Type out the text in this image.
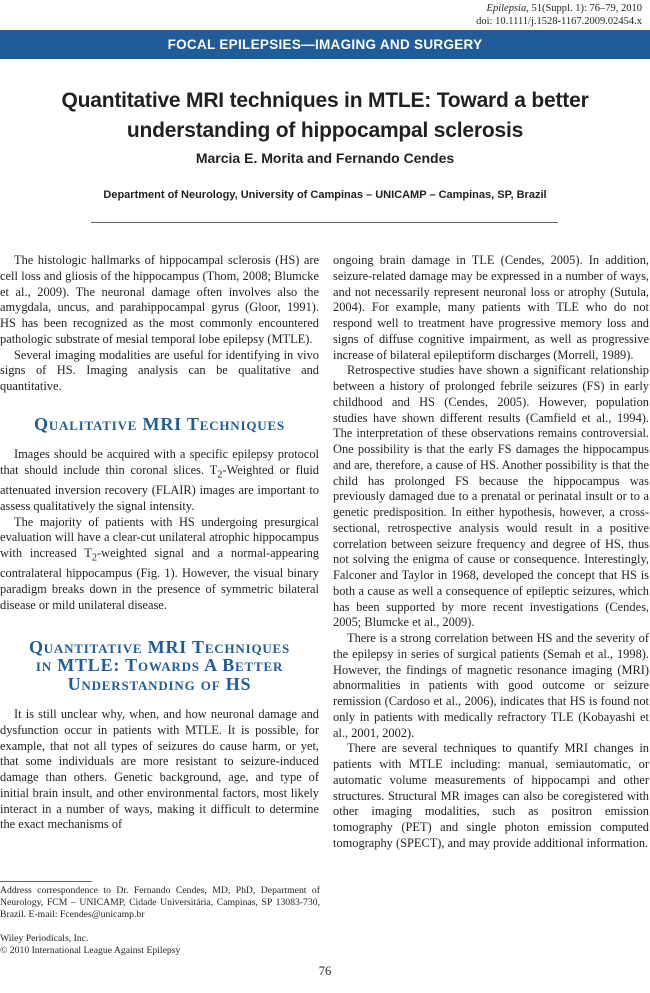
Epilepsia, 51(Suppl. 1): 76–79, 2010
doi: 10.1111/j.1528-1167.2009.02454.x
FOCAL EPILEPSIES—IMAGING AND SURGERY
Quantitative MRI techniques in MTLE: Toward a better
understanding of hippocampal sclerosis
Marcia E. Morita and Fernando Cendes
Department of Neurology, University of Campinas – UNICAMP – Campinas, SP, Brazil

The histologic hallmarks of hippocampal sclerosis (HS) are cell loss and gliosis of the hippocampus (Thom, 2008; Blumcke et al., 2009). The neuronal damage often involves also the amygdala, uncus, and parahippocampal gyrus (Gloor, 1991). HS has been recognized as the most commonly encountered pathologic substrate of mesial temporal lobe epilepsy (MTLE).

Several imaging modalities are useful for identifying in vivo signs of HS. Imaging analysis can be qualitative and quantitative.

Qualitative MRI Techniques

Images should be acquired with a specific epilepsy protocol that should include thin coronal slices. $T_2$-Weighted or fluid attenuated inversion recovery (FLAIR) images are important to assess qualitatively the signal intensity.

The majority of patients with HS undergoing presurgical evaluation will have a clear-cut unilateral atrophic hippocampus with increased $T_2$-weighted signal and a normal-appearing contralateral hippocampus (Fig. 1). However, the visual binary paradigm breaks down in the presence of symmetric bilateral disease or mild unilateral disease.

Quantitative MRI Techniques
in MTLE: Towards A Better
Understanding of HS

It is still unclear why, when, and how neuronal damage and dysfunction occur in patients with MTLE. It is possible, for example, that not all types of seizures do cause harm, or yet, that some individuals are more resistant to seizure-induced damage than others. Genetic background, age, and type of initial brain insult, and other environmental factors, most likely interact in a number of ways, making it difficult to determine the exact mechanisms of

ongoing brain damage in TLE (Cendes, 2005). In addition, seizure-related damage may be expressed in a number of ways, and not necessarily represent neuronal loss or atrophy (Sutula, 2004). For example, many patients with TLE who do not respond well to treatment have progressive memory loss and signs of diffuse cognitive impairment, as well as progressive increase of bilateral epileptiform discharges (Morrell, 1989).

Retrospective studies have shown a significant relationship between a history of prolonged febrile seizures (FS) in early childhood and HS (Cendes, 2005). However, population studies have shown different results (Camfield et al., 1994). The interpretation of these observations remains controversial. One possibility is that the early FS damages the hippocampus and are, therefore, a cause of HS. Another possibility is that the child has prolonged FS because the hippocampus was previously damaged due to a prenatal or perinatal insult or to a genetic predisposition. In either hypothesis, however, a cross-sectional, retrospective analysis would result in a positive correlation between seizure frequency and degree of HS, thus not solving the enigma of cause or consequence. Interestingly, Falconer and Taylor in 1968, developed the concept that HS is both a cause as well a consequence of epileptic seizures, which has been supported by more recent investigations (Cendes, 2005; Blumcke et al., 2009).

There is a strong correlation between HS and the severity of the epilepsy in series of surgical patients (Semah et al., 1998). However, the findings of magnetic resonance imaging (MRI) abnormalities in patients with good outcome or seizure remission (Cardoso et al., 2006), indicates that HS is found not only in patients with medically refractory TLE (Kobayashi et al., 2001, 2002).

There are several techniques to quantify MRI changes in patients with MTLE including: manual, semiautomatic, or automatic volume measurements of hippocampi and other structures. Structural MR images can also be coregistered with other imaging modalities, such as positron emission tomography (PET) and single photon emission computed tomography (SPECT), and may provide additional information.

Address correspondence to Dr. Fernando Cendes, MD, PhD, Department of Neurology, FCM – UNICAMP, Cidade Universitária, Campinas, SP 13083-730, Brazil. E-mail: Fcendes@unicamp.br
Wiley Periodicals, Inc.
© 2010 International League Against Epilepsy
76
